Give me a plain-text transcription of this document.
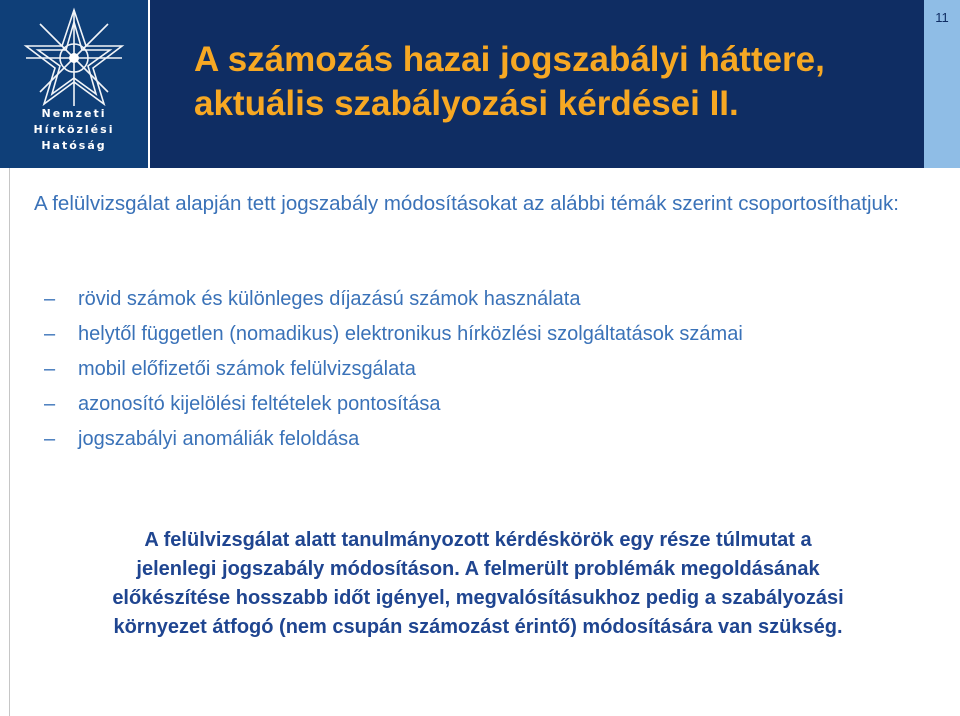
Nemzeti
Hírközlési
Hatóság
A számozás hazai jogszabályi háttere,
aktuális szabályozási kérdései II.
11

A felülvizsgálat alapján tett jogszabály módosításokat az alábbi témák szerint csoportosíthatjuk:

– rövid számok és különleges díjazású számok használata
– helytől független (nomadikus) elektronikus hírközlési szolgáltatások számai
– mobil előfizetői számok felülvizsgálata
– azonosító kijelölési feltételek pontosítása
– jogszabályi anomáliák feloldása

A felülvizsgálat alatt tanulmányozott kérdéskörök egy része túlmutat a
jelenlegi jogszabály módosításon. A felmerült problémák megoldásának
előkészítése hosszabb időt igényel, megvalósításukhoz pedig a szabályozási
környezet átfogó (nem csupán számozást érintő) módosítására van szükség.
